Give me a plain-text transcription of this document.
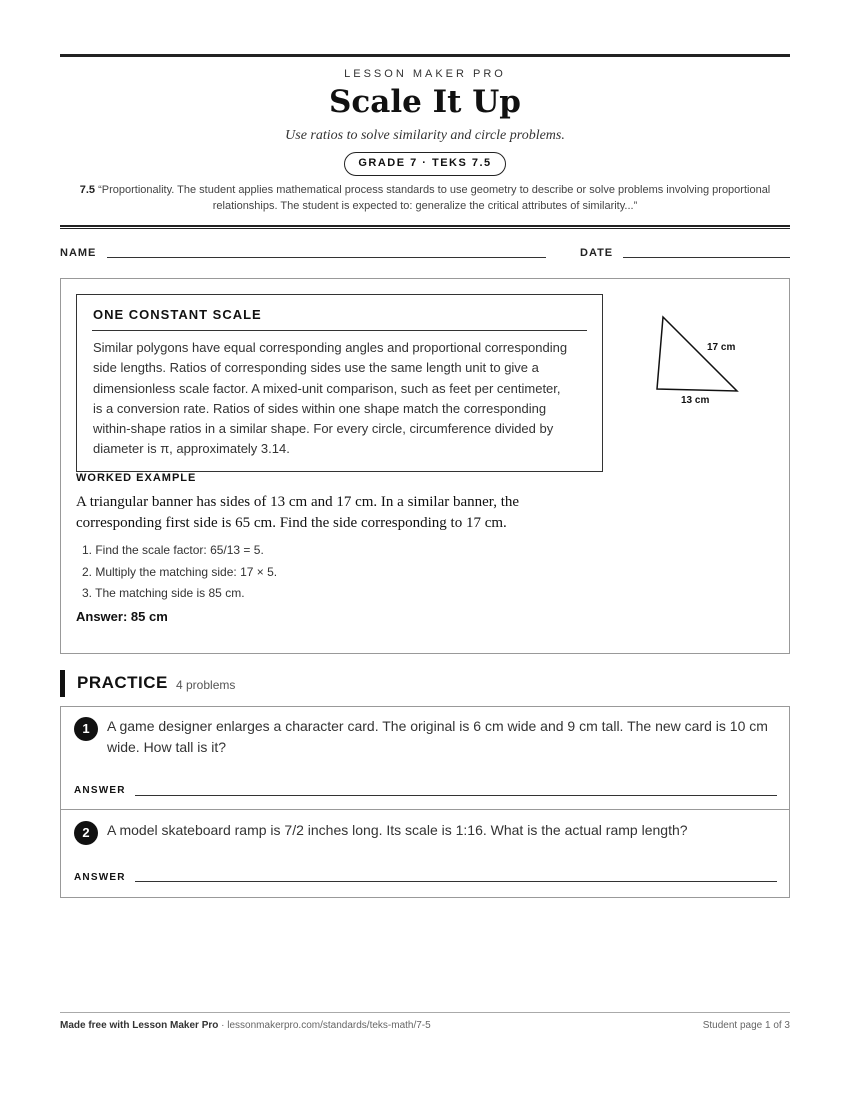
LESSON MAKER PRO
Scale It Up
Use ratios to solve similarity and circle problems.
GRADE 7 · TEKS 7.5
7.5 “Proportionality. The student applies mathematical process standards to use geometry to describe or solve problems involving proportional relationships. The student is expected to: generalize the critical attributes of similarity...”
NAME	DATE
ONE CONSTANT SCALE
Similar polygons have equal corresponding angles and proportional corresponding side lengths. Ratios of corresponding sides use the same length unit to give a dimensionless scale factor. A mixed-unit comparison, such as feet per centimeter, is a conversion rate. Ratios of sides within one shape match the corresponding within-shape ratios in a similar shape. For every circle, circumference divided by diameter is π, approximately 3.14.
17 cm
13 cm
WORKED EXAMPLE
A triangular banner has sides of 13 cm and 17 cm. In a similar banner, the corresponding first side is 65 cm. Find the side corresponding to 17 cm.
1. Find the scale factor: 65/13 = 5.
2. Multiply the matching side: 17 × 5.
3. The matching side is 85 cm.
Answer: 85 cm
PRACTICE 4 problems
1	A game designer enlarges a character card. The original is 6 cm wide and 9 cm tall. The new card is 10 cm wide. How tall is it?
ANSWER
2	A model skateboard ramp is 7/2 inches long. Its scale is 1:16. What is the actual ramp length?
ANSWER
Made free with Lesson Maker Pro · lessonmakerpro.com/standards/teks-math/7-5	Student page 1 of 3
